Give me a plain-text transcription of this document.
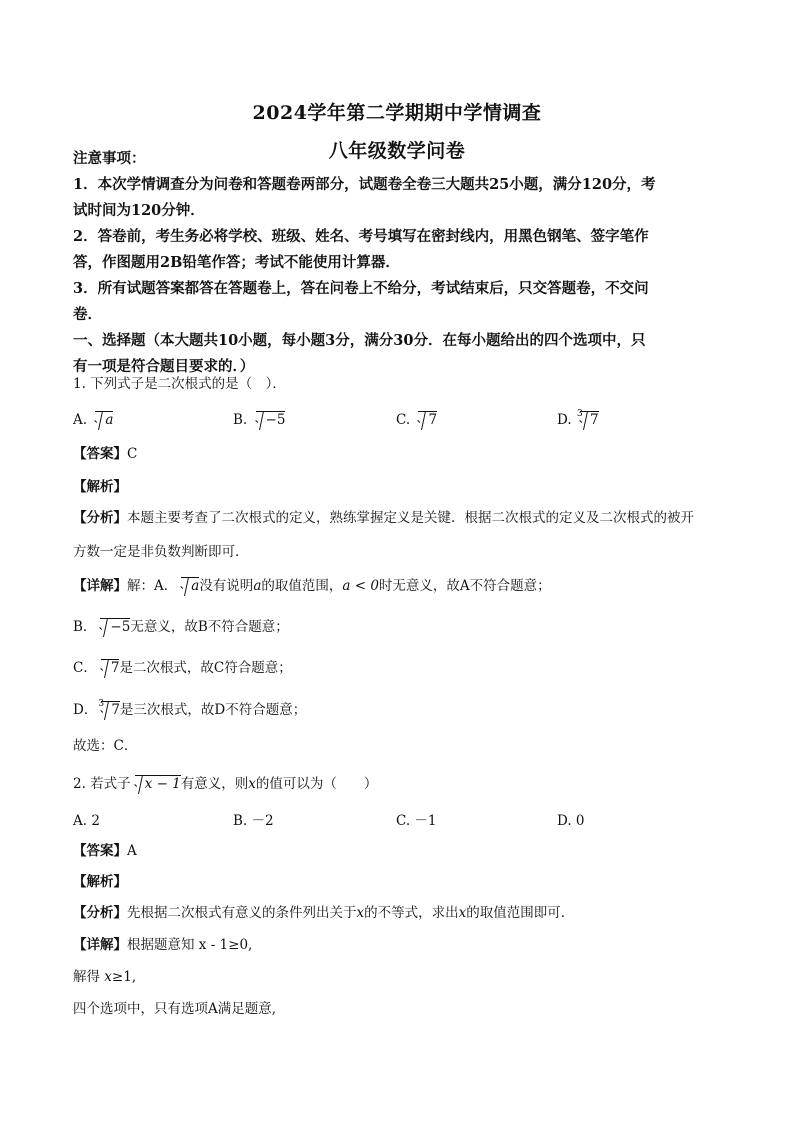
2024学年第二学期期中学情调查
八年级数学问卷
注意事项：
1．本次学情调查分为问卷和答题卷两部分，试题卷全卷三大题共25小题，满分120分，考
试时间为120分钟．
2．答卷前，考生务必将学校、班级、姓名、考号填写在密封线内，用黑色钢笔、签字笔作
答，作图题用2B铅笔作答；考试不能使用计算器．
3．所有试题答案都答在答题卷上，答在问卷上不给分，考试结束后，只交答题卷，不交问
卷．
一、选择题（本大题共10小题，每小题3分，满分30分．在每小题给出的四个选项中，只
有一项是符合题目要求的．）
1. 下列式子是二次根式的是（　）．
A. a	B. −5	C. 7	D. 3 7
【答案】C
【解析】
【分析】本题主要考查了二次根式的定义，熟练掌握定义是关键．根据二次根式的定义及二次根式的被开
方数一定是非负数判断即可．
【详解】解：A． a没有说明a的取值范围，a < 0时无意义，故A不符合题意；
B． −5无意义，故B不符合题意；
C． 7是二次根式，故C符合题意；
D． 3 7是三次根式，故D不符合题意；
故选：C．
2. 若式子 x − 1有意义，则x的值可以为（　　）
A. 2	B. －2	C. －1	D. 0
【答案】A
【解析】
【分析】先根据二次根式有意义的条件列出关于x的不等式，求出x的取值范围即可．
【详解】根据题意知 x - 1≥0,
解得 x≥1,
四个选项中，只有选项A满足题意,
